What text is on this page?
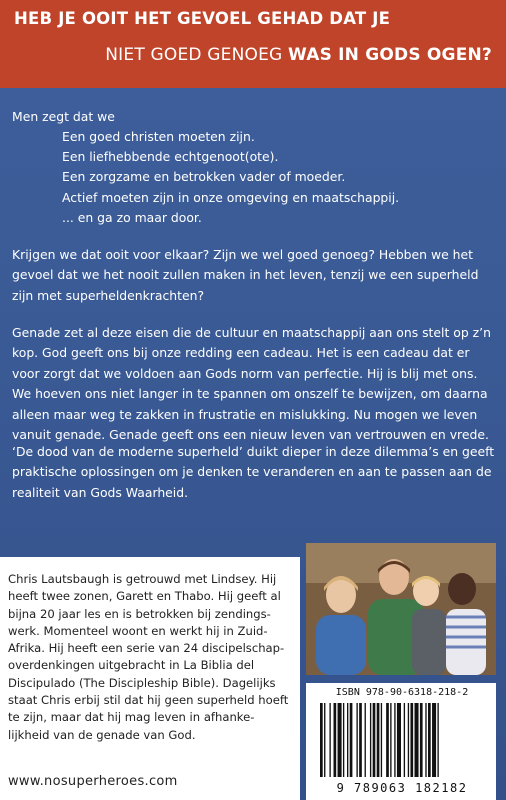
HEB JE OOIT HET GEVOEL GEHAD DAT JE
NIET GOED GENOEG WAS IN GODS OGEN?
Men zegt dat we
Een goed christen moeten zijn.
Een liefhebbende echtgenoot(ote).
Een zorgzame en betrokken vader of moeder.
Actief moeten zijn in onze omgeving en maatschappij.
... en ga zo maar door.
Krijgen we dat ooit voor elkaar? Zijn we wel goed genoeg? Hebben we het gevoel dat we het nooit zullen maken in het leven, tenzij we een superheld zijn met superheldenkrachten?
Genade zet al deze eisen die de cultuur en maatschappij aan ons stelt op z’n kop. God geeft ons bij onze redding een cadeau. Het is een cadeau dat er voor zorgt dat we voldoen aan Gods norm van perfectie. Hij is blij met ons. We hoeven ons niet langer in te spannen om onszelf te bewijzen, om daarna alleen maar weg te zakken in frustratie en mislukking. Nu mogen we leven vanuit genade. Genade geeft ons een nieuw leven van vertrouwen en vrede.
‘De dood van de moderne superheld’ duikt dieper in deze dilemma’s en geeft praktische oplossingen om je denken te veranderen en aan te passen aan de realiteit van Gods Waarheid.
Chris Lautsbaugh is getrouwd met Lindsey. Hij heeft twee zonen, Garett en Thabo. Hij geeft al bijna 20 jaar les en is betrokken bij zendings-werk. Momenteel woont en werkt hij in Zuid-Afrika. Hij heeft een serie van 24 discipelschap-overdenkingen uitgebracht in La Biblia del Discipulado (The Discipleship Bible). Dagelijks staat Chris erbij stil dat hij geen superheld hoeft te zijn, maar dat hij mag leven in afhanke-lijkheid van de genade van God.
www.nosuperheroes.com
ISBN 978-90-6318-218-2
9 789063 182182
